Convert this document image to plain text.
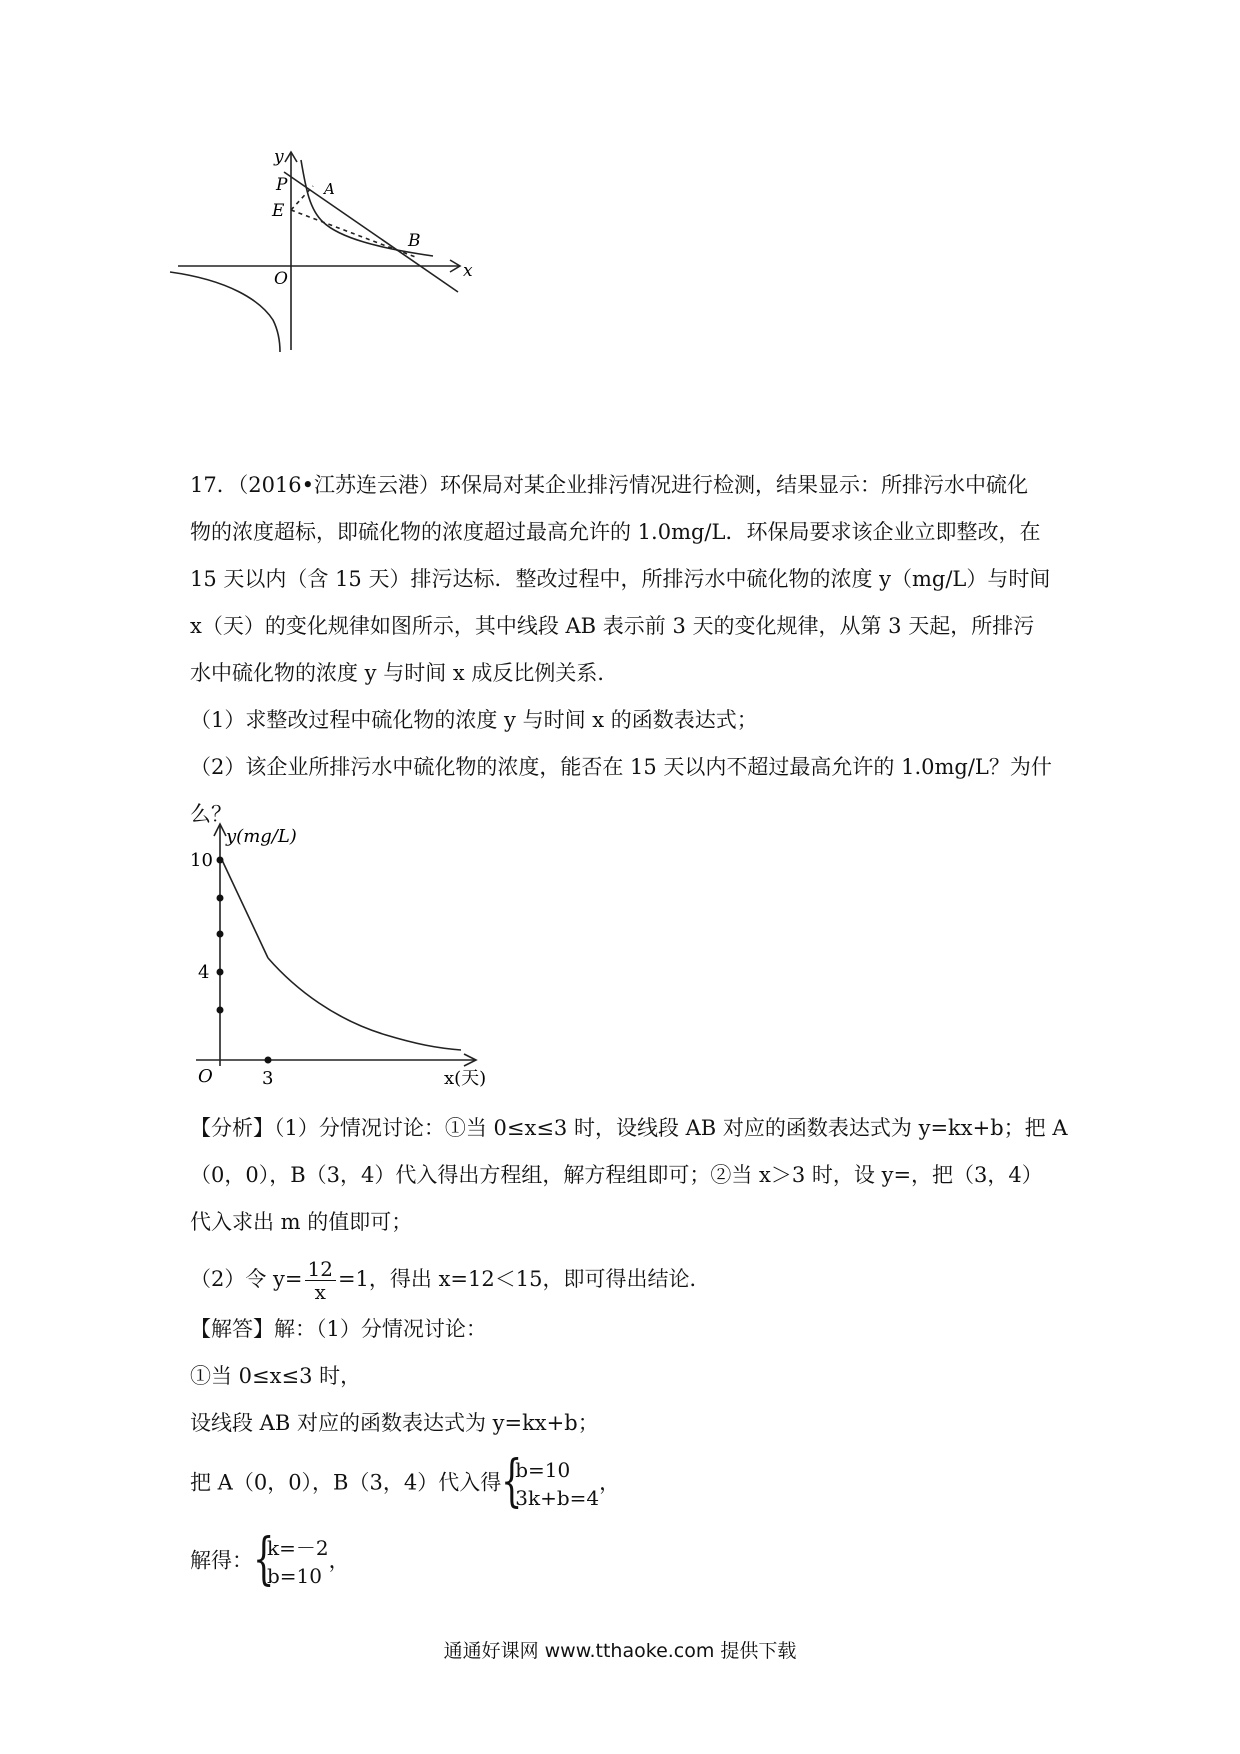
y
P A
E
B
O	x
17．（2016•江苏连云港）环保局对某企业排污情况进行检测，结果显示：所排污水中硫化
物的浓度超标，即硫化物的浓度超过最高允许的 1.0mg/L．环保局要求该企业立即整改，在
15 天以内（含 15 天）排污达标．整改过程中，所排污水中硫化物的浓度 y（mg/L）与时间
x（天）的变化规律如图所示，其中线段 AB 表示前 3 天的变化规律，从第 3 天起，所排污
水中硫化物的浓度 y 与时间 x 成反比例关系．
（1）求整改过程中硫化物的浓度 y 与时间 x 的函数表达式；
（2）该企业所排污水中硫化物的浓度，能否在 15 天以内不超过最高允许的 1.0mg/L？为什
么？
y(mg/L)
10
4
O	3	x(天)
【分析】（1）分情况讨论：①当 0≤x≤3 时，设线段 AB 对应的函数表达式为 y=kx+b；把 A
（0，0），B（3，4）代入得出方程组，解方程组即可；②当 x＞3 时，设 y=，把（3，4）
代入求出 m 的值即可；
（2）令 $y= \frac{12}{x} =1$，得出 x=12＜15，即可得出结论．
【解答】解：（1）分情况讨论：
①当 0≤x≤3 时，
设线段 AB 对应的函数表达式为 y=kx+b；
把 A（0，0），B（3，4）代入得 {
b=10
3k+b=4
，
解得： {
k=－2
b=10
，
通通好课网 www.tthaoke.com 提供下载
